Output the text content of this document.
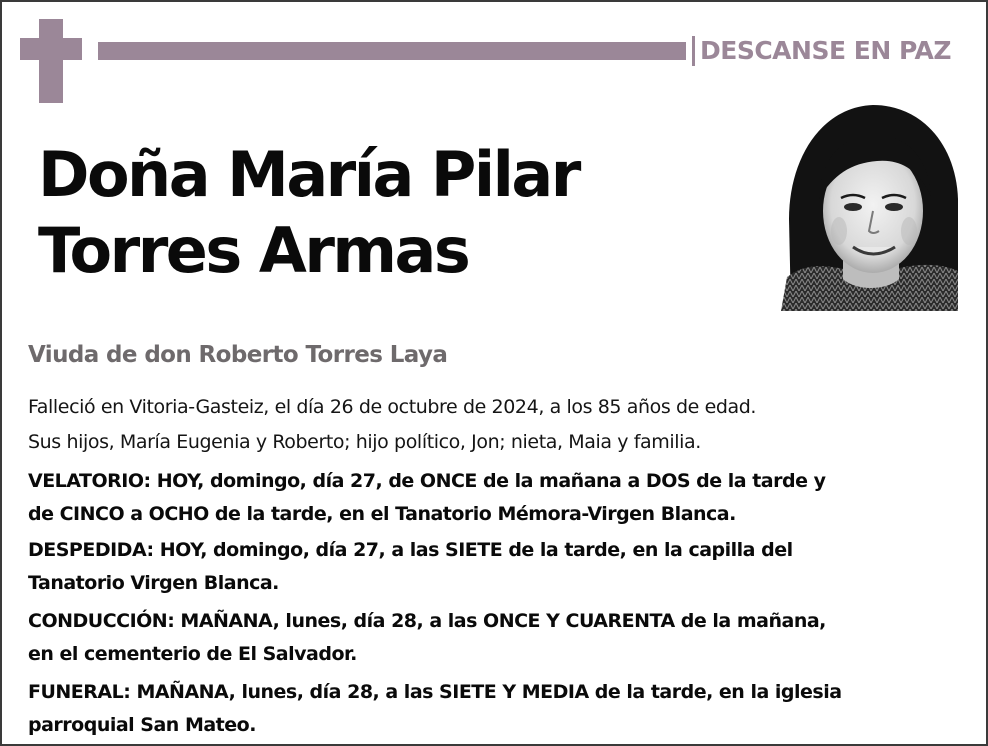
DESCANSE EN PAZ
Doña María Pilar
Torres Armas
Viuda de don Roberto Torres Laya
Falleció en Vitoria-Gasteiz, el día 26 de octubre de 2024, a los 85 años de edad.
Sus hijos, María Eugenia y Roberto; hijo político, Jon; nieta, Maia y familia.
VELATORIO: HOY, domingo, día 27, de ONCE de la mañana a DOS de la tarde y
de CINCO a OCHO de la tarde, en el Tanatorio Mémora-Virgen Blanca.
DESPEDIDA: HOY, domingo, día 27, a las SIETE de la tarde, en la capilla del
Tanatorio Virgen Blanca.
CONDUCCIÓN: MAÑANA, lunes, día 28, a las ONCE Y CUARENTA de la mañana,
en el cementerio de El Salvador.
FUNERAL: MAÑANA, lunes, día 28, a las SIETE Y MEDIA de la tarde, en la iglesia
parroquial San Mateo.
